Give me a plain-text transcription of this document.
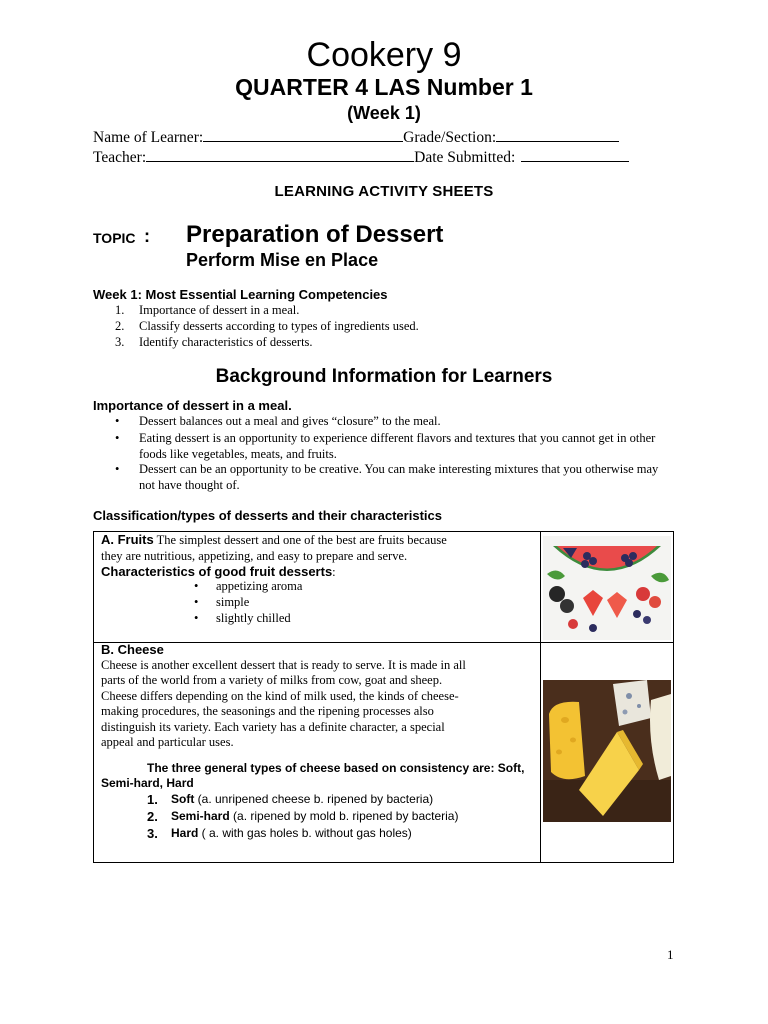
Cookery 9
QUARTER 4 LAS Number 1
(Week 1)
Name of Learner:	Grade/Section:
Teacher:	Date Submitted:
LEARNING ACTIVITY SHEETS
TOPIC : Preparation of Dessert
Perform Mise en Place
Week 1: Most Essential Learning Competencies
1. Importance of dessert in a meal.
2. Classify desserts according to types of ingredients used.
3. Identify characteristics of desserts.
Background Information for Learners
Importance of dessert in a meal.
• Dessert balances out a meal and gives “closure” to the meal.
• Eating dessert is an opportunity to experience different flavors and textures that you cannot get in other foods like vegetables, meats, and fruits.
• Dessert can be an opportunity to be creative. You can make interesting mixtures that you otherwise may not have thought of.
Classification/types of desserts and their characteristics
A. Fruits The simplest dessert and one of the best are fruits because
they are nutritious, appetizing, and easy to prepare and serve.
Characteristics of good fruit desserts:
• appetizing aroma
• simple
• slightly chilled
B. Cheese
Cheese is another excellent dessert that is ready to serve. It is made in all
parts of the world from a variety of milks from cow, goat and sheep.
Cheese differs depending on the kind of milk used, the kinds of cheese-
making procedures, the seasonings and the ripening processes also
distinguish its variety. Each variety has a definite character, a special
appeal and particular uses.
The three general types of cheese based on consistency are: Soft,
Semi-hard, Hard
1. Soft (a. unripened cheese b. ripened by bacteria)
2. Semi-hard (a. ripened by mold b. ripened by bacteria)
3. Hard ( a. with gas holes b. without gas holes)
1
